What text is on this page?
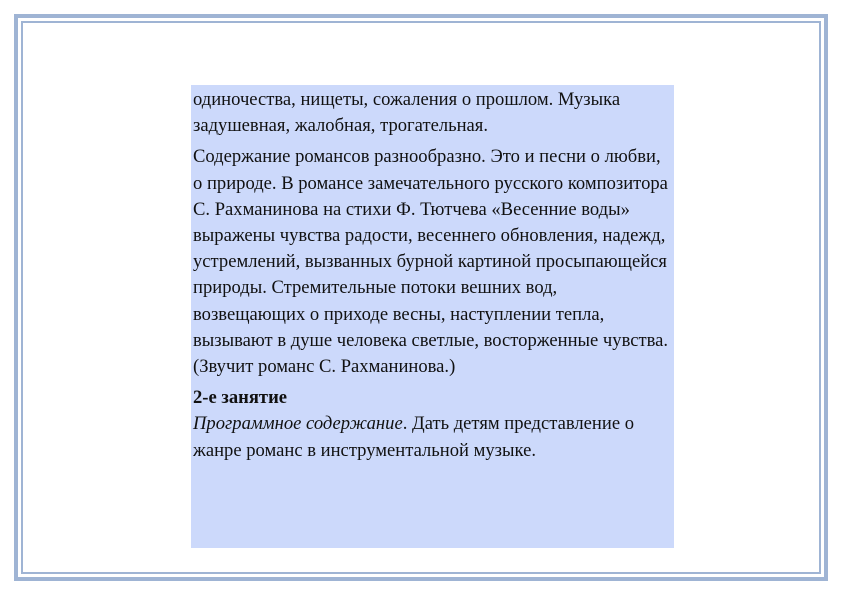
одиночества, нищеты, сожаления о прошлом. Музыка задушевная, жалобная, трогательная.

Содержание романсов разнообразно. Это и песни о любви, о природе. В романсе замечательного русского композитора С. Рахманинова на стихи Ф. Тютчева «Весенние воды» выражены чувства радости, весеннего обновления, надежд, устремлений, вызванных бурной картиной просыпающейся природы. Стремительные потоки вешних вод, возвещающих о приходе весны, наступлении тепла, вызывают в душе человека светлые, восторженные чувства. (Звучит романс С. Рахманинова.)

2-е занятие
Программное содержание. Дать детям представление о жанре романс в инструментальной музыке.
